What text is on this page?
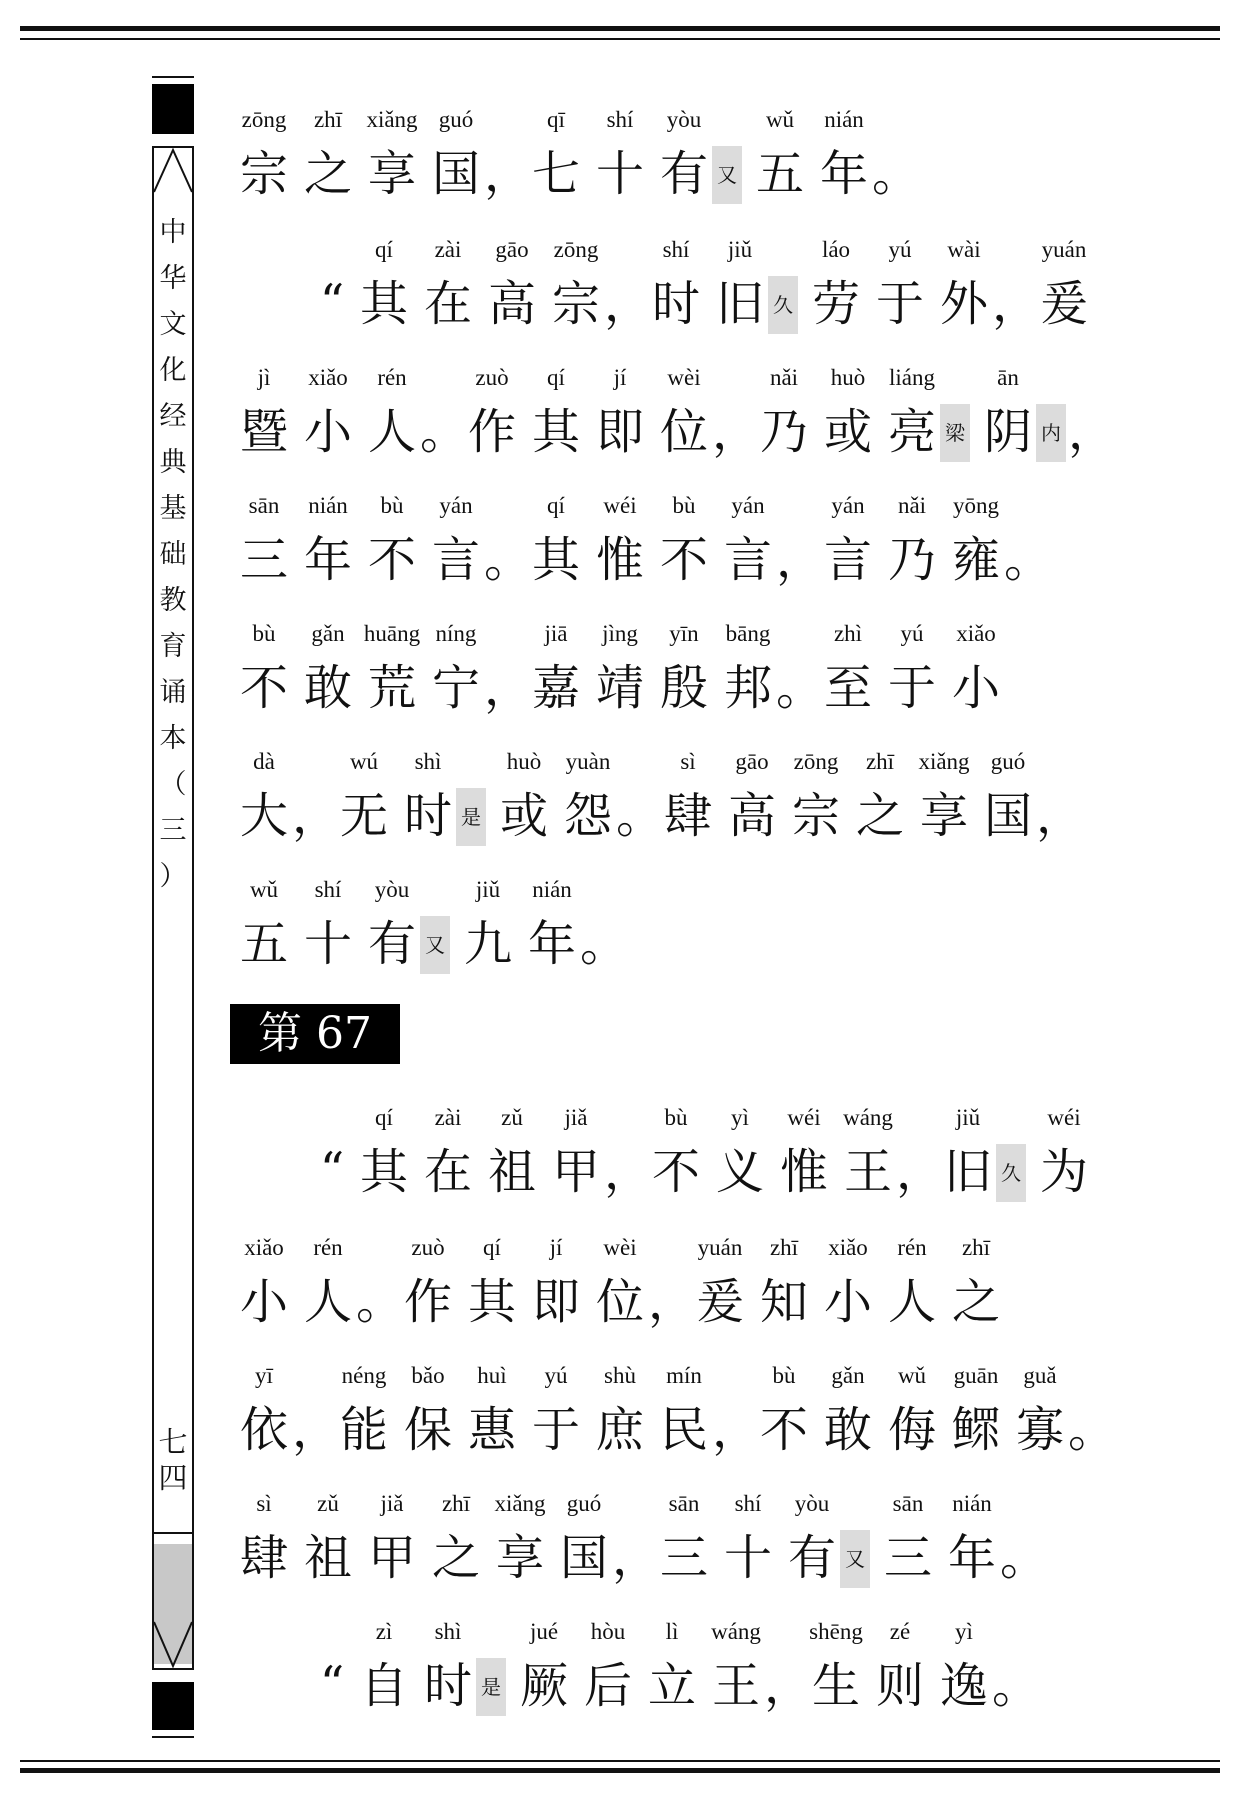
中
华
文
化
经
典
基
础
教
育
诵
本
（
三
）
七
四
第 67 课
zōng
宗
zhī
之
xiǎng
享
guó
国 ，
qī
七
shí
十
yòu
有 又
wǔ
五
nián
年 。
“
qí
其
zài
在
gāo
高
zōng
宗 ，
shí
时
jiǔ
旧 久
láo
劳
yú
于
wài
外 ，
yuán
爰
jì
暨
xiǎo
小
rén
人 。
zuò
作
qí
其
jí
即
wèi
位 ，
nǎi
乃
huò
或
liáng
亮 梁
ān
阴 内 ，
sān
三
nián
年
bù
不
yán
言 。
qí
其
wéi
惟
bù
不
yán
言 ，
yán
言
nǎi
乃
yōng
雍 。
bù
不
gǎn
敢
huāng
荒
níng
宁 ，
jiā
嘉
jìng
靖
yīn
殷
bāng
邦 。
zhì
至
yú
于
xiǎo
小
dà
大 ，
wú
无
shì
时 是
huò
或
yuàn
怨 。
sì
肆
gāo
高
zōng
宗
zhī
之
xiǎng
享
guó
国 ，
wǔ
五
shí
十
yòu
有 又
jiǔ
九
nián
年 。
“
qí
其
zài
在
zǔ
祖
jiǎ
甲 ，
bù
不
yì
义
wéi
惟
wáng
王 ，
jiǔ
旧 久
wéi
为
xiǎo
小
rén
人 。
zuò
作
qí
其
jí
即
wèi
位 ，
yuán
爰
zhī
知
xiǎo
小
rén
人
zhī
之
yī
依 ，
néng
能
bǎo
保
huì
惠
yú
于
shù
庶
mín
民 ，
bù
不
gǎn
敢
wǔ
侮
guān
鳏
guǎ
寡 。
sì
肆
zǔ
祖
jiǎ
甲
zhī
之
xiǎng
享
guó
国 ，
sān
三
shí
十
yòu
有 又
sān
三
nián
年 。
“
zì
自
shì
时 是
jué
厥
hòu
后
lì
立
wáng
王 ，
shēng
生
zé
则
yì
逸 。
